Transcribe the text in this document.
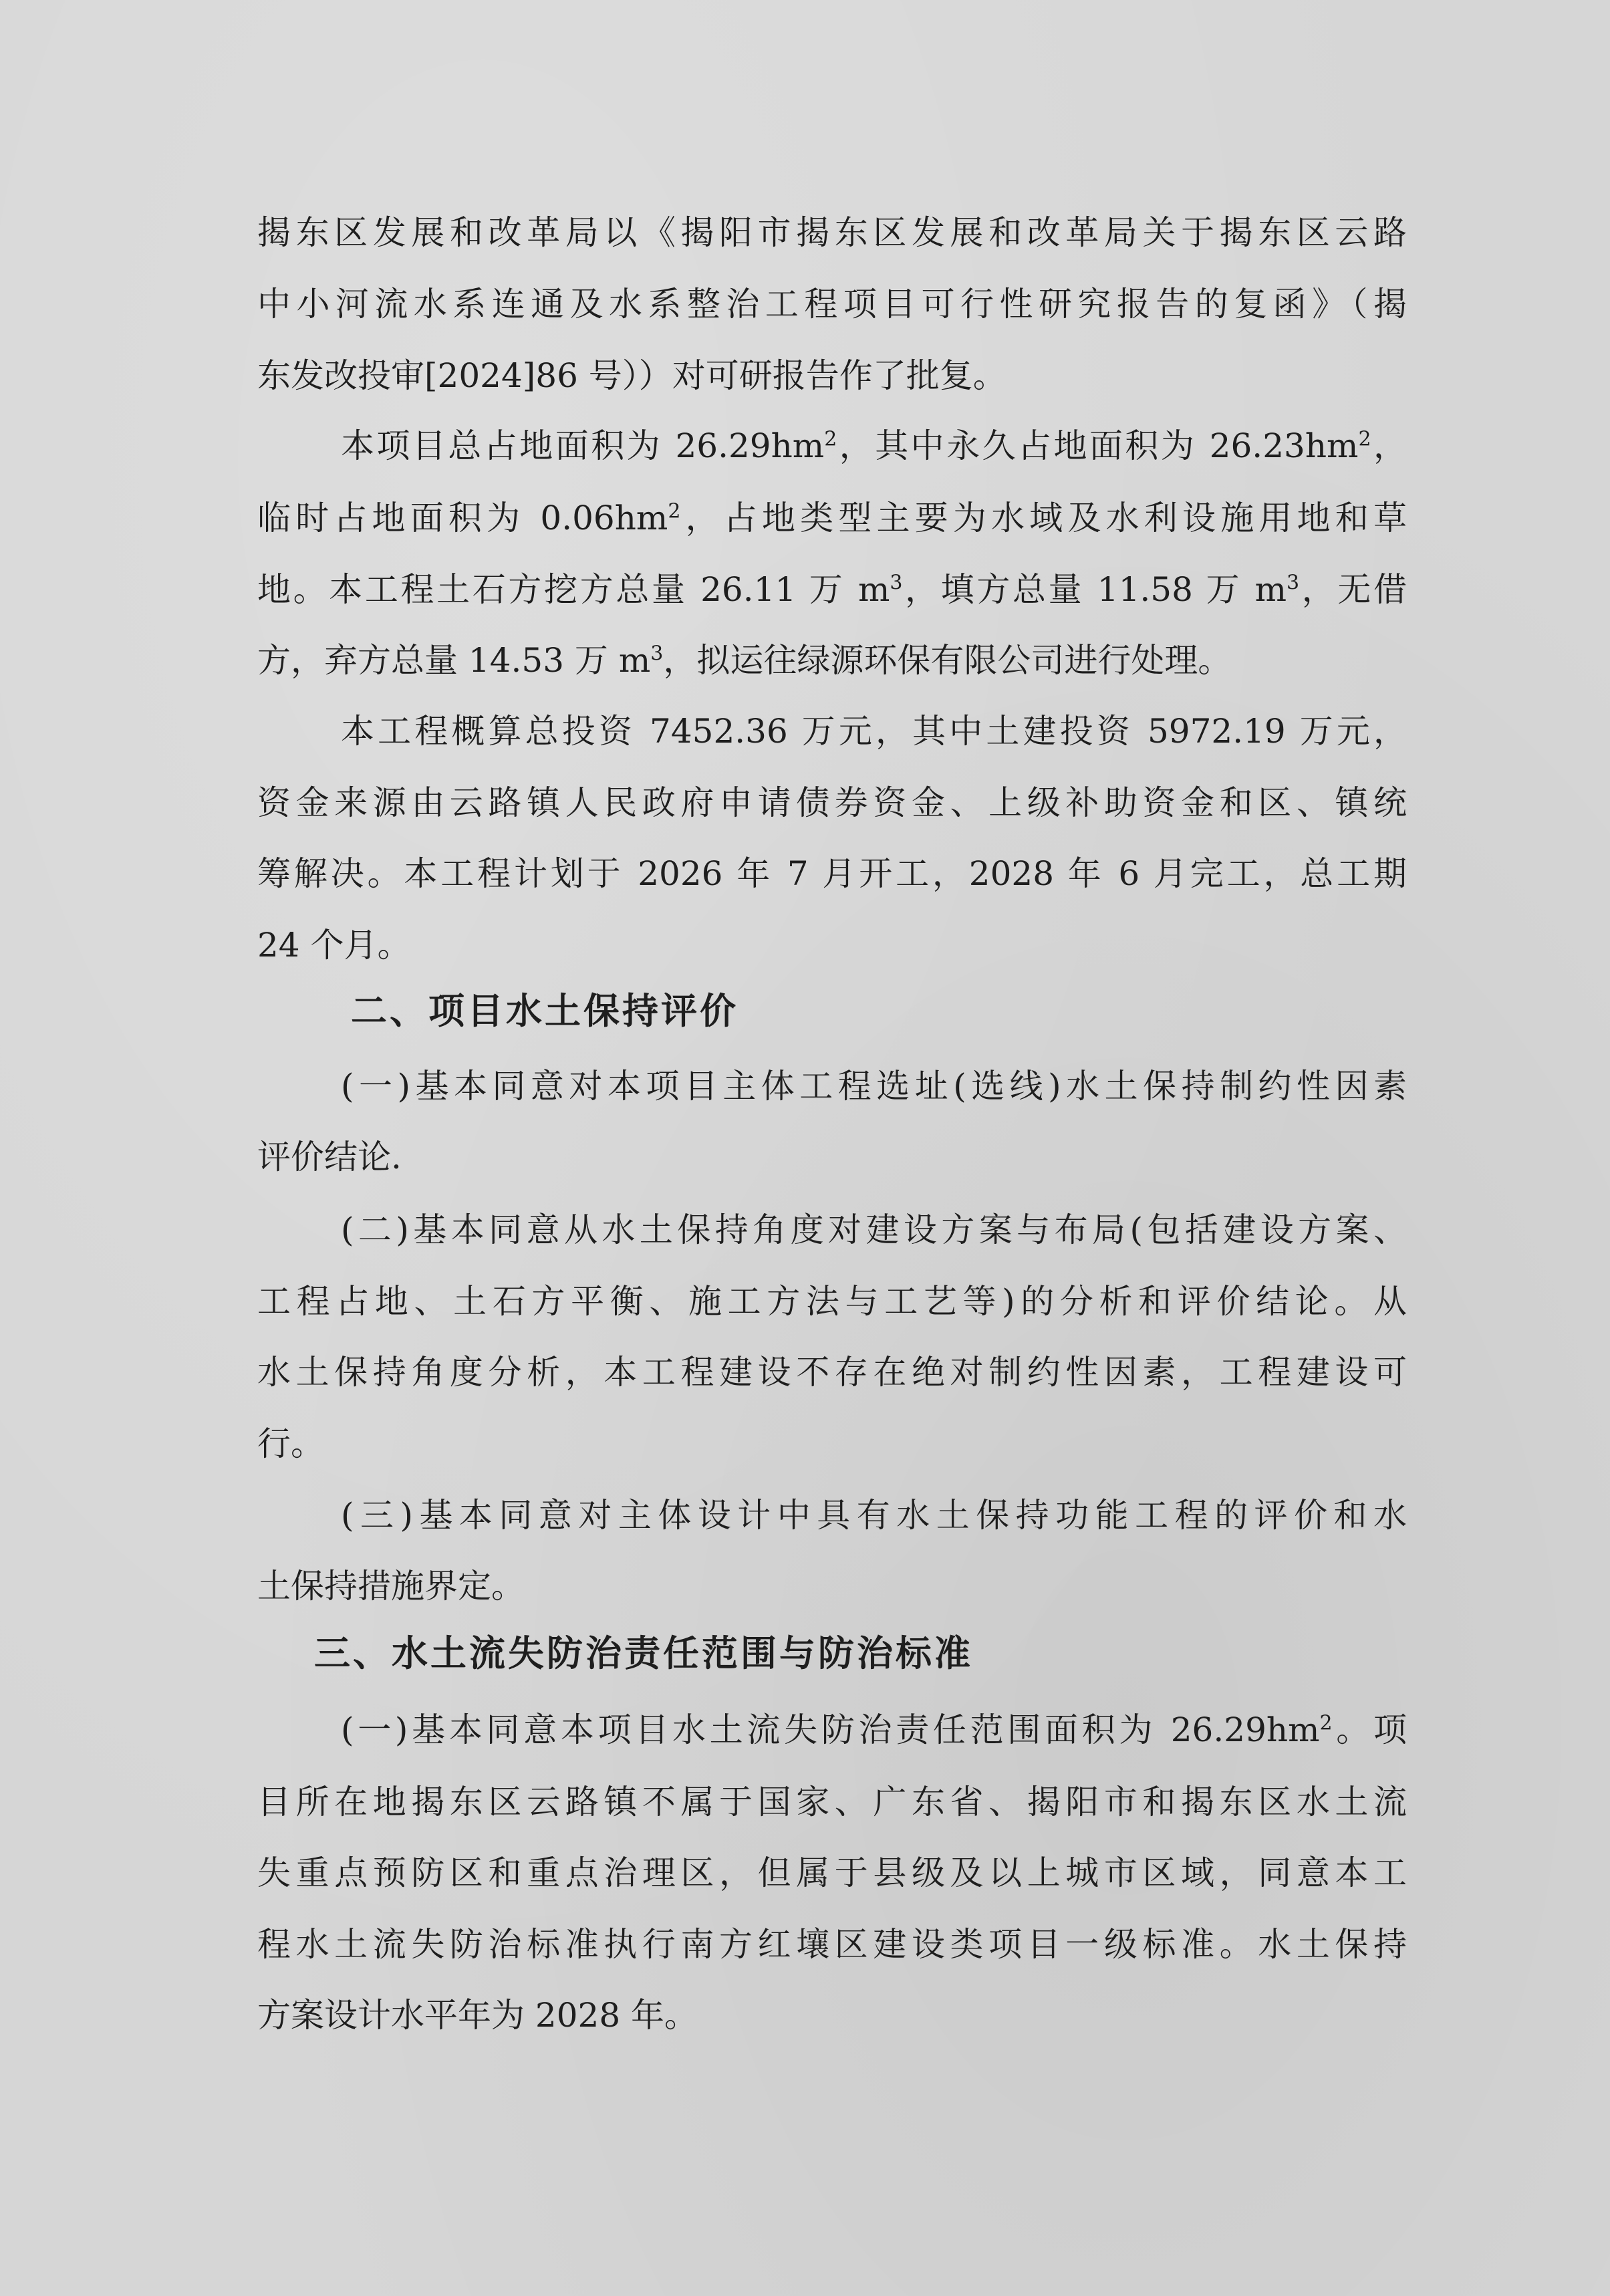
揭东区发展和改革局以《揭阳市揭东区发展和改革局关于揭东区云路
中小河流水系连通及水系整治工程项目可行性研究报告的复函》（揭
东发改投审[2024]86 号））对可研报告作了批复。
本项目总占地面积为 $26.29hm^2$，其中永久占地面积为 $26.23hm^2$，
临时占地面积为 $0.06hm^2$，占地类型主要为水域及水利设施用地和草
地。本工程土石方挖方总量 26.11 万 $m^3$，填方总量 11.58 万 $m^3$，无借
方，弃方总量 14.53 万 $m^3$，拟运往绿源环保有限公司进行处理。
本工程概算总投资 7452.36 万元，其中土建投资 5972.19 万元，
资金来源由云路镇人民政府申请债券资金、上级补助资金和区、镇统
筹解决。本工程计划于 2026 年 7 月开工，2028 年 6 月完工，总工期
24 个月。
二、项目水土保持评价
(一)基本同意对本项目主体工程选址(选线)水土保持制约性因素
评价结论.
(二)基本同意从水土保持角度对建设方案与布局(包括建设方案、
工程占地、土石方平衡、施工方法与工艺等)的分析和评价结论。从
水土保持角度分析，本工程建设不存在绝对制约性因素，工程建设可
行。
(三)基本同意对主体设计中具有水土保持功能工程的评价和水
土保持措施界定。
三、水土流失防治责任范围与防治标准
(一)基本同意本项目水土流失防治责任范围面积为 $26.29hm^2$。项
目所在地揭东区云路镇不属于国家、广东省、揭阳市和揭东区水土流
失重点预防区和重点治理区，但属于县级及以上城市区域，同意本工
程水土流失防治标准执行南方红壤区建设类项目一级标准。水土保持
方案设计水平年为 2028 年。
